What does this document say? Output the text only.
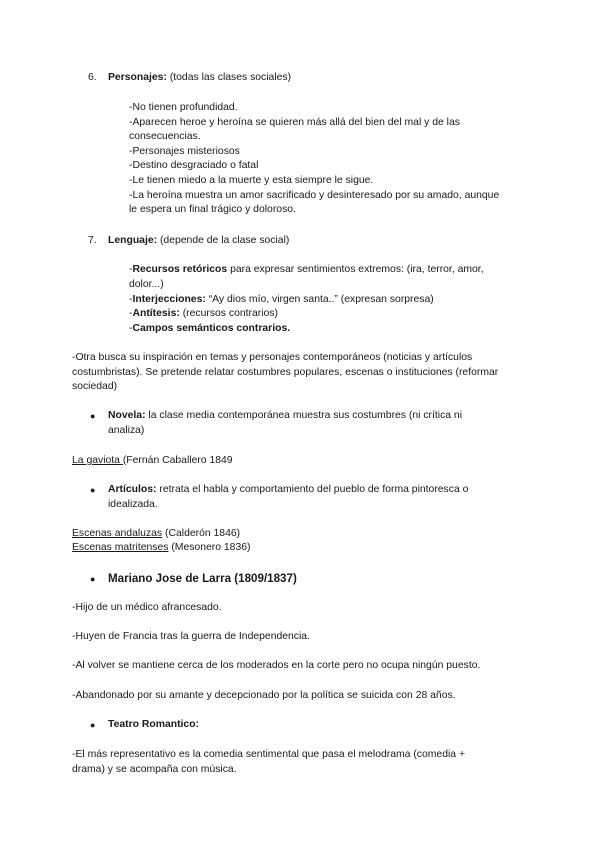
6. Personajes: (todas las clases sociales)
-No tienen profundidad.
-Aparecen heroe y heroína se quieren más allá del bien del mal y de las
consecuencias.
-Personajes misteriosos
-Destino desgraciado o fatal
-Le tienen miedo a la muerte y esta siempre le sigue.
-La heroína muestra un amor sacrificado y desinteresado por su amado, aunque
le espera un final trágico y doloroso.
7. Lenguaje: (depende de la clase social)
-Recursos retóricos para expresar sentimientos extremos: (ira, terror, amor,
dolor...)
-Interjecciones: “Ay dios mío, virgen santa..” (expresan sorpresa)
-Antítesis: (recursos contrarios)
-Campos semánticos contrarios.
-Otra busca su inspiración en temas y personajes contemporáneos (noticias y artículos
costumbristas). Se pretende relatar costumbres populares, escenas o instituciones (reformar
sociedad)
● Novela: la clase media contemporánea muestra sus costumbres (ni crítica ni
analiza)
La gaviota (Fernán Caballero 1849
● Artículos: retrata el habla y comportamiento del pueblo de forma pintoresca o
idealizada.
Escenas andaluzas (Calderón 1846)
Escenas matritenses (Mesonero 1836)
● Mariano Jose de Larra (1809/1837)
-Hijo de un médico afrancesado.
-Huyen de Francia tras la guerra de Independencia.
-Al volver se mantiene cerca de los moderados en la corte pero no ocupa ningún puesto.
-Abandonado por su amante y decepcionado por la política se suicida con 28 años.
● Teatro Romantico:
-El más representativo es la comedia sentimental que pasa el melodrama (comedia +
drama) y se acompaña con música.
